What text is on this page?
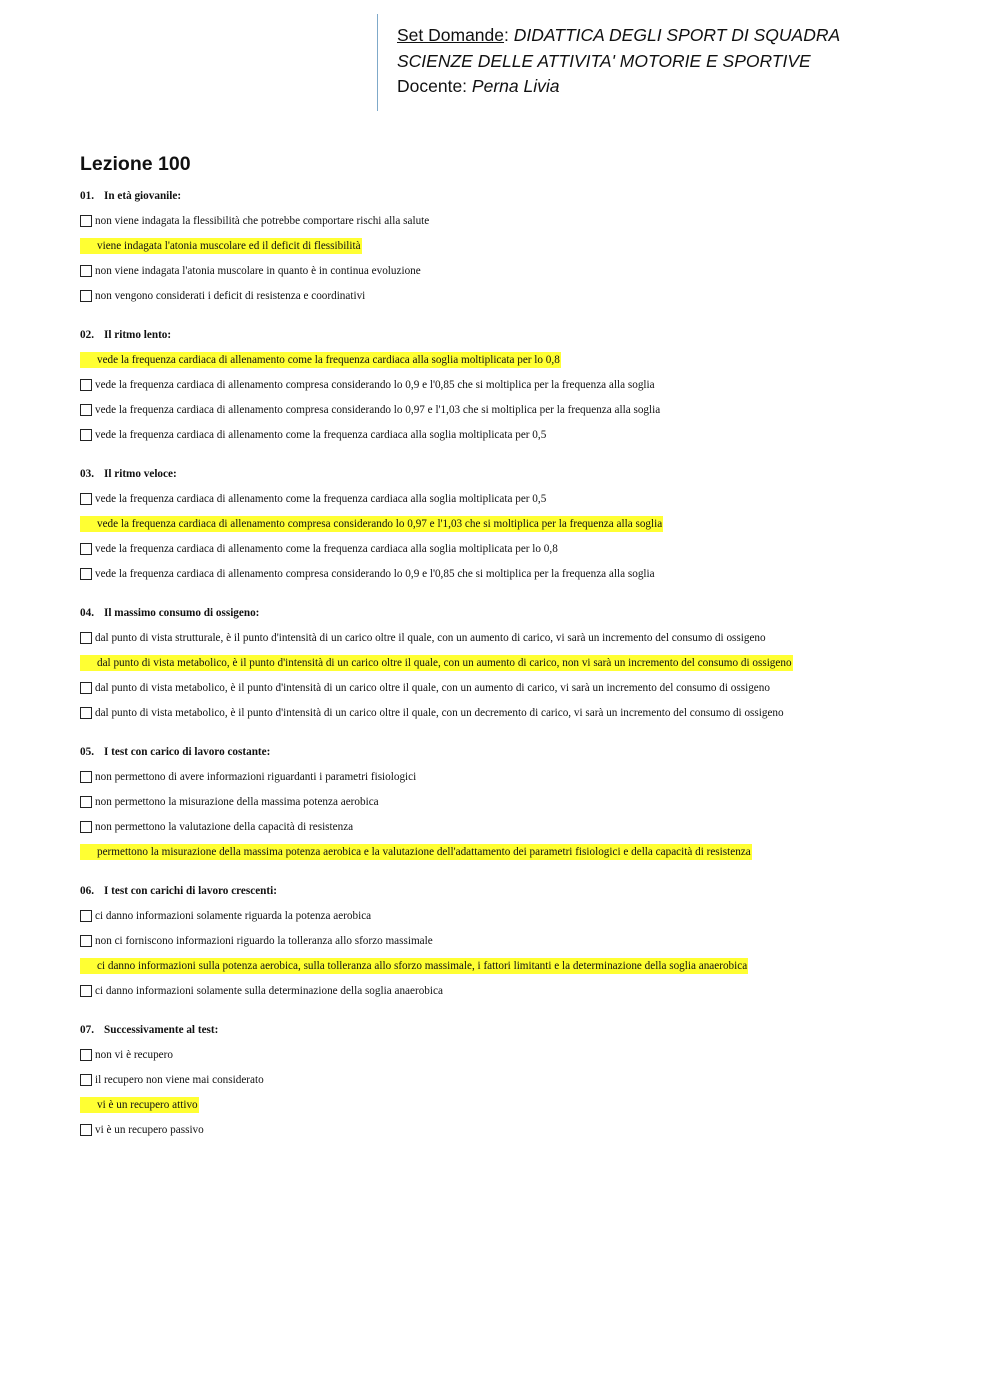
Set Domande: DIDATTICA DEGLI SPORT DI SQUADRA
SCIENZE DELLE ATTIVITA' MOTORIE E SPORTIVE
Docente: Perna Livia
Lezione 100
01. In età giovanile:
non viene indagata la flessibilità che potrebbe comportare rischi alla salute
viene indagata l'atonia muscolare ed il deficit di flessibilità
non viene indagata l'atonia muscolare in quanto è in continua evoluzione
non vengono considerati i deficit di resistenza e coordinativi
02. Il ritmo lento:
vede la frequenza cardiaca di allenamento come la frequenza cardiaca alla soglia moltiplicata per lo 0,8
vede la frequenza cardiaca di allenamento compresa considerando lo 0,9 e l'0,85 che si moltiplica per la frequenza alla soglia
vede la frequenza cardiaca di allenamento compresa considerando lo 0,97 e l'1,03 che si moltiplica per la frequenza alla soglia
vede la frequenza cardiaca di allenamento come la frequenza cardiaca alla soglia moltiplicata per 0,5
03. Il ritmo veloce:
vede la frequenza cardiaca di allenamento come la frequenza cardiaca alla soglia moltiplicata per 0,5
vede la frequenza cardiaca di allenamento compresa considerando lo 0,97 e l'1,03 che si moltiplica per la frequenza alla soglia
vede la frequenza cardiaca di allenamento come la frequenza cardiaca alla soglia moltiplicata per lo 0,8
vede la frequenza cardiaca di allenamento compresa considerando lo 0,9 e l'0,85 che si moltiplica per la frequenza alla soglia
04. Il massimo consumo di ossigeno:
dal punto di vista strutturale, è il punto d'intensità di un carico oltre il quale, con un aumento di carico, vi sarà un incremento del consumo di ossigeno
dal punto di vista metabolico, è il punto d'intensità di un carico oltre il quale, con un aumento di carico, non vi sarà un incremento del consumo di ossigeno
dal punto di vista metabolico, è il punto d'intensità di un carico oltre il quale, con un aumento di carico, vi sarà un incremento del consumo di ossigeno
dal punto di vista metabolico, è il punto d'intensità di un carico oltre il quale, con un decremento di carico, vi sarà un incremento del consumo di ossigeno
05. I test con carico di lavoro costante:
non permettono di avere informazioni riguardanti i parametri fisiologici
non permettono la misurazione della massima potenza aerobica
non permettono la valutazione della capacità di resistenza
permettono la misurazione della massima potenza aerobica e la valutazione dell'adattamento dei parametri fisiologici e della capacità di resistenza
06. I test con carichi di lavoro crescenti:
ci danno informazioni solamente riguarda la potenza aerobica
non ci forniscono informazioni riguardo la tolleranza allo sforzo massimale
ci danno informazioni sulla potenza aerobica, sulla tolleranza allo sforzo massimale, i fattori limitanti e la determinazione della soglia anaerobica
ci danno informazioni solamente sulla determinazione della soglia anaerobica
07. Successivamente al test:
non vi è recupero
il recupero non viene mai considerato
vi è un recupero attivo
vi è un recupero passivo
